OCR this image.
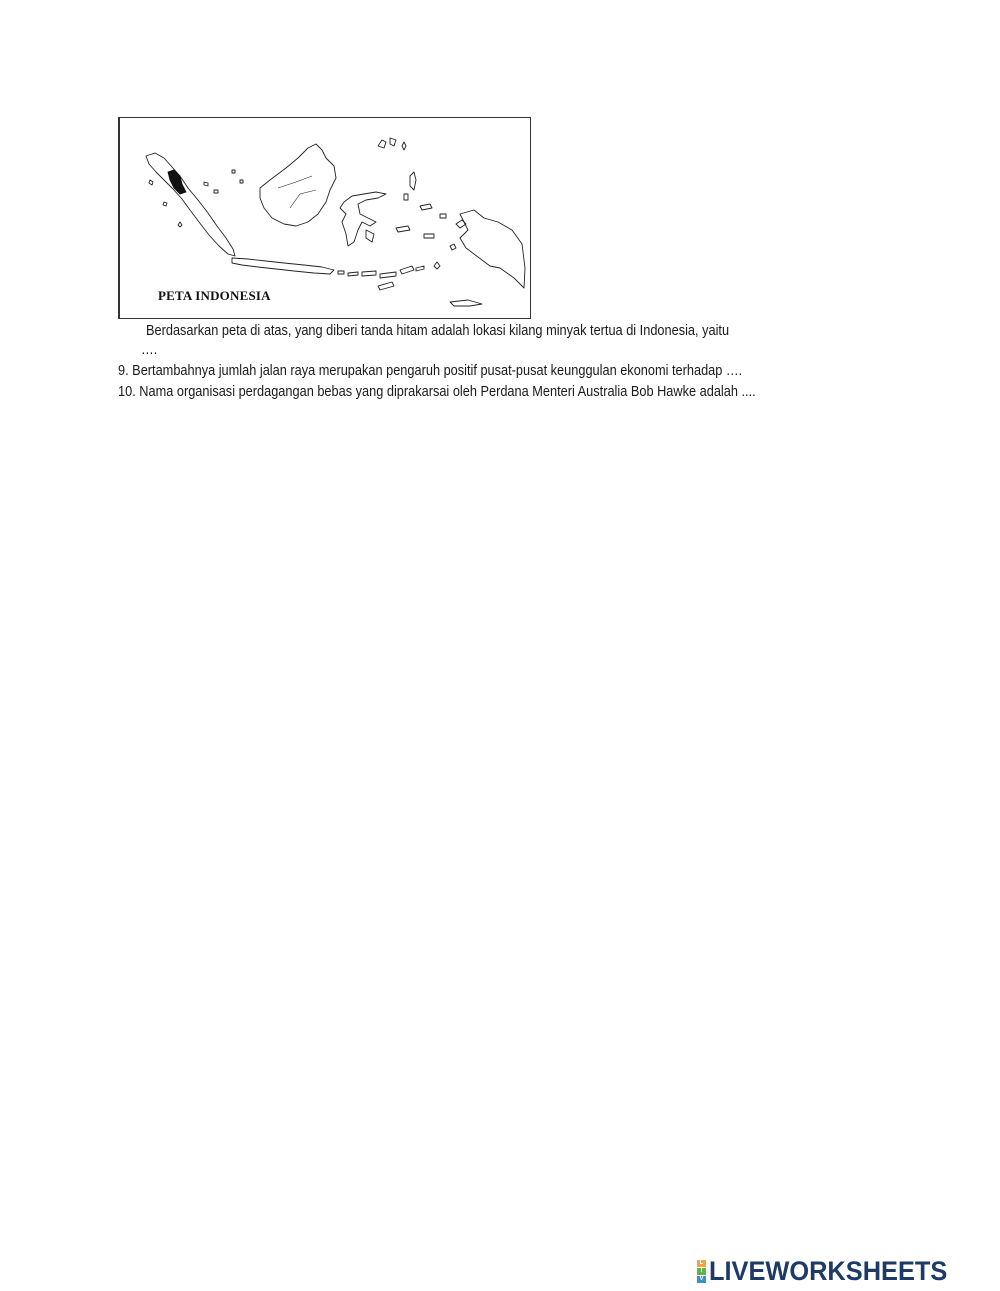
PETA INDONESIA
Berdasarkan peta di atas, yang diberi tanda hitam adalah lokasi kilang minyak tertua di Indonesia, yaitu
….
9. Bertambahnya jumlah jalan raya merupakan pengaruh positif pusat-pusat keunggulan ekonomi terhadap ….
10. Nama organisasi perdagangan bebas yang diprakarsai oleh Perdana Menteri Australia Bob Hawke adalah ....
L
I
V LIVEWORKSHEETS
